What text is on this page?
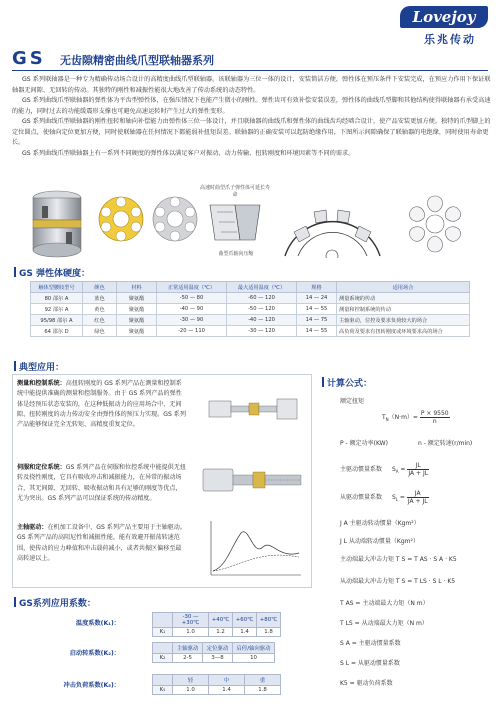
Lovejoy
乐兆传动
GS 无齿隙精密曲线爪型联轴器系列

GS 系列联轴器是一种专为精确传动场合设计的高精度曲线爪型联轴器。该联轴器为三位一体的设计，安装简洁方便，弹性体在预压条件下安装完成，在预应力作用下保证联轴器无间隙、无回转的传动。其独特的刚性和减振性能很大地改善了传动系统的动态特性。

GS 系列曲线爪型联轴器的弹性体为平齿型弹性体，在强压情况下也能产生微小的刚性。弹性齿可有效补偿安装误差，弹性体的曲线爪型脚和其他结构使得联轴器有承受高速的能力，同时过去的功能缓震形支撑也可避免高速运转时产生过大的弹性变形。

GS 系列曲线爪型联轴器的刚性扭转和轴向补偿能力由弹性体三位一体设计，并且联轴器的曲线爪和弹性体的曲线齿均经啮合设计，使产品安装更加方便。独特的爪型脚上的定位圆点，使轴向定位更加方便，同时使联轴器在任何情况下都能弱补扭矩误差。联轴器的正确安装可以起防绝缘作用，下图所示间隙确保了联轴器的电绝缘，同时使用寿命更长。

GS 系列曲线爪型联轴器上有一系列不同硬度的弹性体以满足客户对振动、动力传输、扭转刚度和环境因素等不同的需求。

高速时曲型爪子弹性体可延长寿命
曲型爪轴向压缩
GS 弹性体硬度：
触体型腰肢型号	颜色	材料	正常适用温度（℃）	最大适用温度（℃）	规格	适用场合
80 邵尔 A	蓝色	聚氨酯	-50 — 80	-60 — 120	14 — 24	测量系统的传动
92 邵尔 A	黄色	聚氨酯	-40 — 90	-50 — 120	14 — 55	测量和控制系统的传动
95/98 邵尔 A	红色	聚氨酯	-30 — 90	-40 — 120	14 — 75	主轴驱动，位控及要求负荷较大的场合
64 邵尔 D	绿色	聚氨酯	-20 — 110	-30 — 120	14 — 55	高负荷及要求有扭转刚度或环境要求高的场合
典型应用：
测量和控制系统：高扭转刚度的 GS 系列产品在测量和控制系统中能提供准确的测量和控制服务。由于 GS 系列产品的弹性体是经预压状态安装的，在这种低振动力的应用场合中，无间隙、扭转刚度的动力传动安全由弹性体的预压力实现。GS 系列产品能够保证完全无转矩、高精度重复定位。
伺服和定位系统：GS 系列产品在伺服和位控系统中能提供无扭转及挠性刚度，它具有吸收冲击和减振能力，在异常的振动场合，其无间隙、无回转、吸收振动和具有足够的刚度等优点，尤为突出。GS 系列产品可以保证系统的传动精度。
主轴驱动：在机加工设备中，GS 系列产品主要用于主轴驱动。GS 系列产品的高阻尼性和减振性能，能有效避开振荡转速范围，使传动的应力峰值和冲击载荷减小，或者共振区偏移至最高转速以上。
计算公式：
额定扭矩
$T_N(N\cdot m)= \frac{P \times 9550}{n}$
P - 额定功率(KW)	n - 额定转速(r/min)
主驱动惯量系数 $S_A = \frac{JL}{JA + JL}$
从驱动惯量系数 $S_L = \frac{JA}{JA + JL}$
J A 主驱动转动惯量（Kgm²）
J L 从动端转动惯量（Kgm²）
主动端最大冲击力矩 T S = T AS · S A · K5
从动端最大冲击力矩 T S = T LS · S L · K5
T AS = 主动端最大力矩（N m）
T LS = 从动端最大力矩（N m）
S A = 主驱动惯量系数
S L = 从驱动惯量系数
K5 = 驱动负荷系数
GS系列应用系数：
温度系数(K₁)：
	-30 — +30℃	+40℃	+60℃	+80℃
K₁	1.0	1.2	1.4	1.8
启动转系数(K₂)：
	主轴驱动	定位驱动	启停/轴向驱动
K₂	2-5	3—8	10
冲击负荷系数(K₅)：
	轻	中	重
K₅	1.0	1.4	1.8
